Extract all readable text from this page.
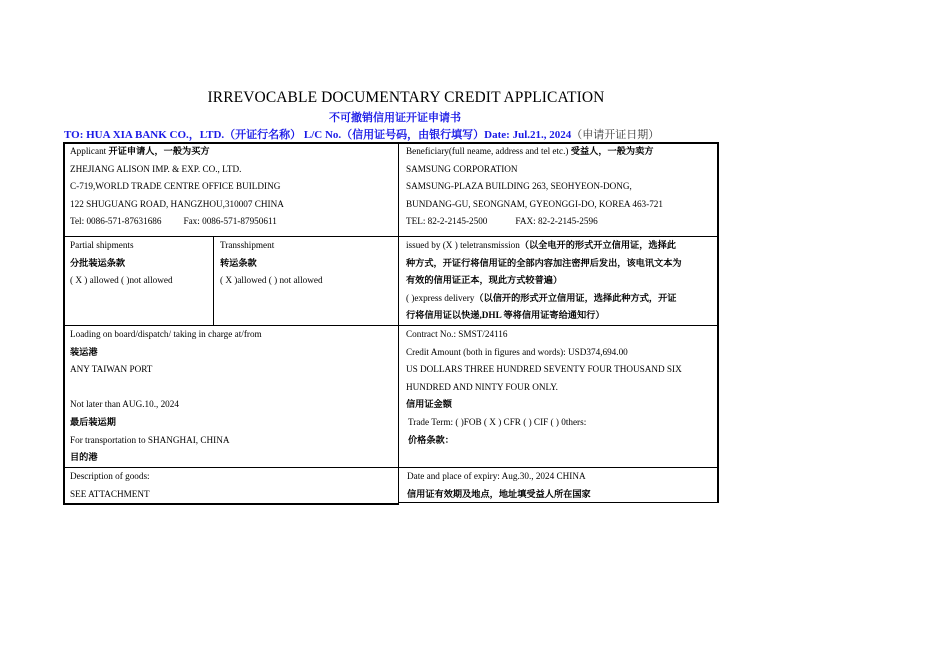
IRREVOCABLE DOCUMENTARY CREDIT APPLICATION
不可撤销信用证开证申请书
TO: HUA XIA BANK CO.，LTD.（开证行名称） L/C No.（信用证号码，由银行填写）Date: Jul.21., 2024（申请开证日期）
Applicant 开证申请人，一般为买方
ZHEJIANG ALISON IMP. & EXP. CO., LTD.
C-719,WORLD TRADE CENTRE OFFICE BUILDING
122 SHUGUANG ROAD, HANGZHOU,310007 CHINA
Tel: 0086-571-87631686 Fax: 0086-571-87950611
Beneficiary(full neame, address and tel etc.) 受益人，一般为卖方
SAMSUNG CORPORATION
SAMSUNG-PLAZA BUILDING 263, SEOHYEON-DONG,
BUNDANG-GU, SEONGNAM, GYEONGGI-DO, KOREA 463-721
TEL: 82-2-2145-2500	FAX: 82-2-2145-2596
Partial shipments
分批装运条款
( X ) allowed ( )not allowed
Transshipment
转运条款
( X )allowed ( ) not allowed
issued by (X ) teletransmission（以全电开的形式开立信用证，选择此
种方式，开证行将信用证的全部内容加注密押后发出，该电讯文本为
有效的信用证正本，现此方式较普遍）
( )express delivery（以信开的形式开立信用证，选择此种方式，开证
行将信用证以快递,DHL 等将信用证寄给通知行）
Loading on board/dispatch/ taking in charge at/from
装运港
ANY TAIWAN PORT
Not later than AUG.10., 2024
最后装运期
For transportation to SHANGHAI, CHINA
目的港
Contract No.: SMST/24116
Credit Amount (both in figures and words): USD374,694.00
US DOLLARS THREE HUNDRED SEVENTY FOUR THOUSAND SIX
HUNDRED AND NINTY FOUR ONLY.
信用证金额
Trade Term: ( )FOB ( X ) CFR ( ) CIF ( ) 0thers:
价格条款：
Description of goods:
SEE ATTACHMENT
Date and place of expiry: Aug.30., 2024 CHINA
信用证有效期及地点，地址填受益人所在国家
